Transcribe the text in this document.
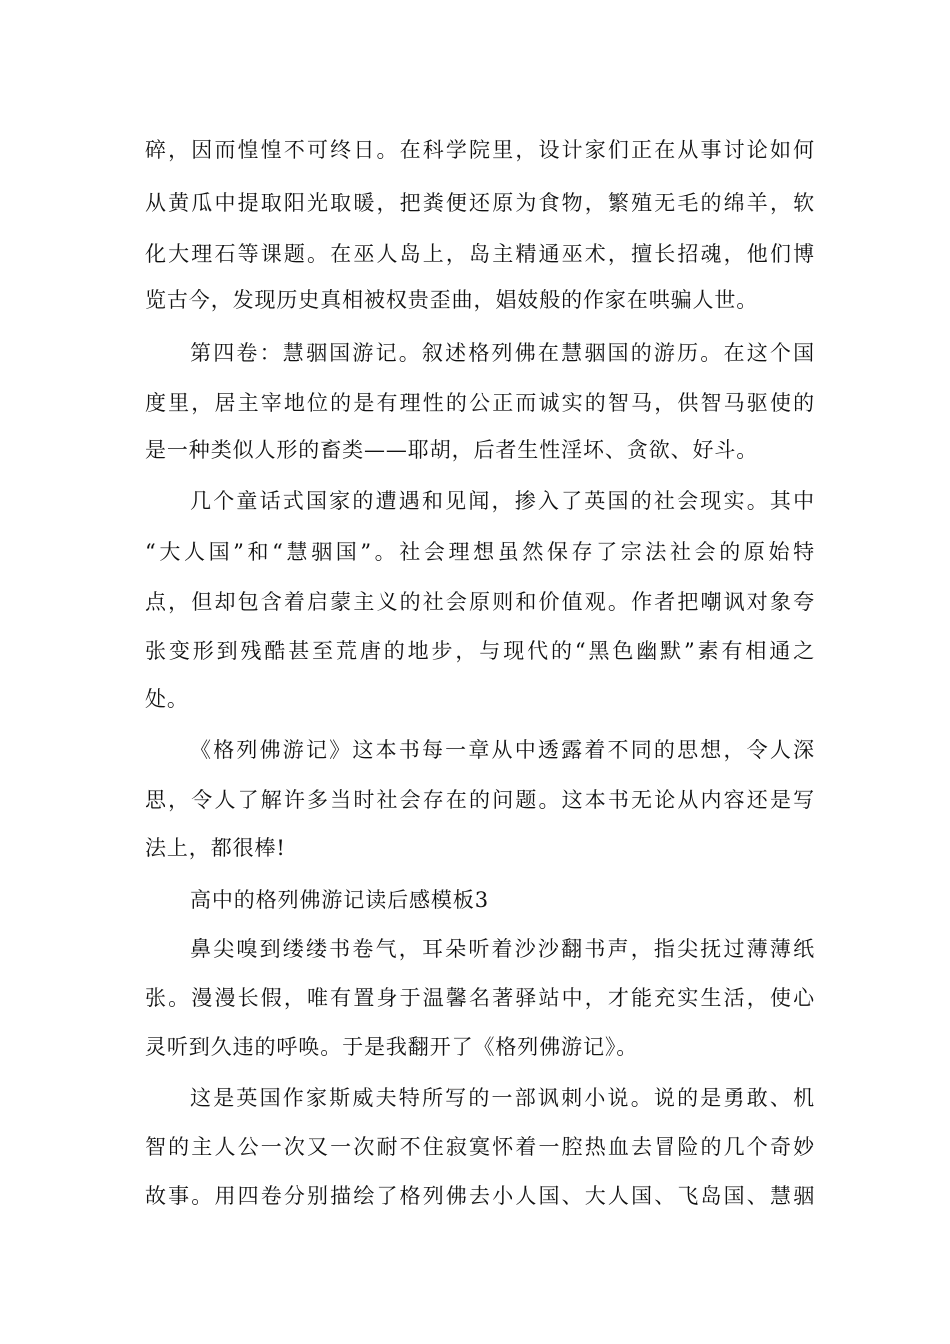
碎，因而惶惶不可终日。在科学院里，设计家们正在从事讨论如何
从黄瓜中提取阳光取暖，把粪便还原为食物，繁殖无毛的绵羊，软
化大理石等课题。在巫人岛上，岛主精通巫术，擅长招魂，他们博
览古今，发现历史真相被权贵歪曲，娼妓般的作家在哄骗人世。
第四卷：慧骃国游记。叙述格列佛在慧骃国的游历。在这个国
度里，居主宰地位的是有理性的公正而诚实的智马，供智马驱使的
是一种类似人形的畜类——耶胡，后者生性淫坏、贪欲、好斗。
几个童话式国家的遭遇和见闻，掺入了英国的社会现实。其中
“大人国”和“慧骃国”。社会理想虽然保存了宗法社会的原始特
点，但却包含着启蒙主义的社会原则和价值观。作者把嘲讽对象夸
张变形到残酷甚至荒唐的地步，与现代的“黑色幽默”素有相通之
处。
《格列佛游记》这本书每一章从中透露着不同的思想，令人深
思，令人了解许多当时社会存在的问题。这本书无论从内容还是写
法上，都很棒!
高中的格列佛游记读后感模板3
鼻尖嗅到缕缕书卷气，耳朵听着沙沙翻书声，指尖抚过薄薄纸
张。漫漫长假，唯有置身于温馨名著驿站中，才能充实生活，使心
灵听到久违的呼唤。于是我翻开了《格列佛游记》。
这是英国作家斯威夫特所写的一部讽刺小说。说的是勇敢、机
智的主人公一次又一次耐不住寂寞怀着一腔热血去冒险的几个奇妙
故事。用四卷分别描绘了格列佛去小人国、大人国、飞岛国、慧骃
